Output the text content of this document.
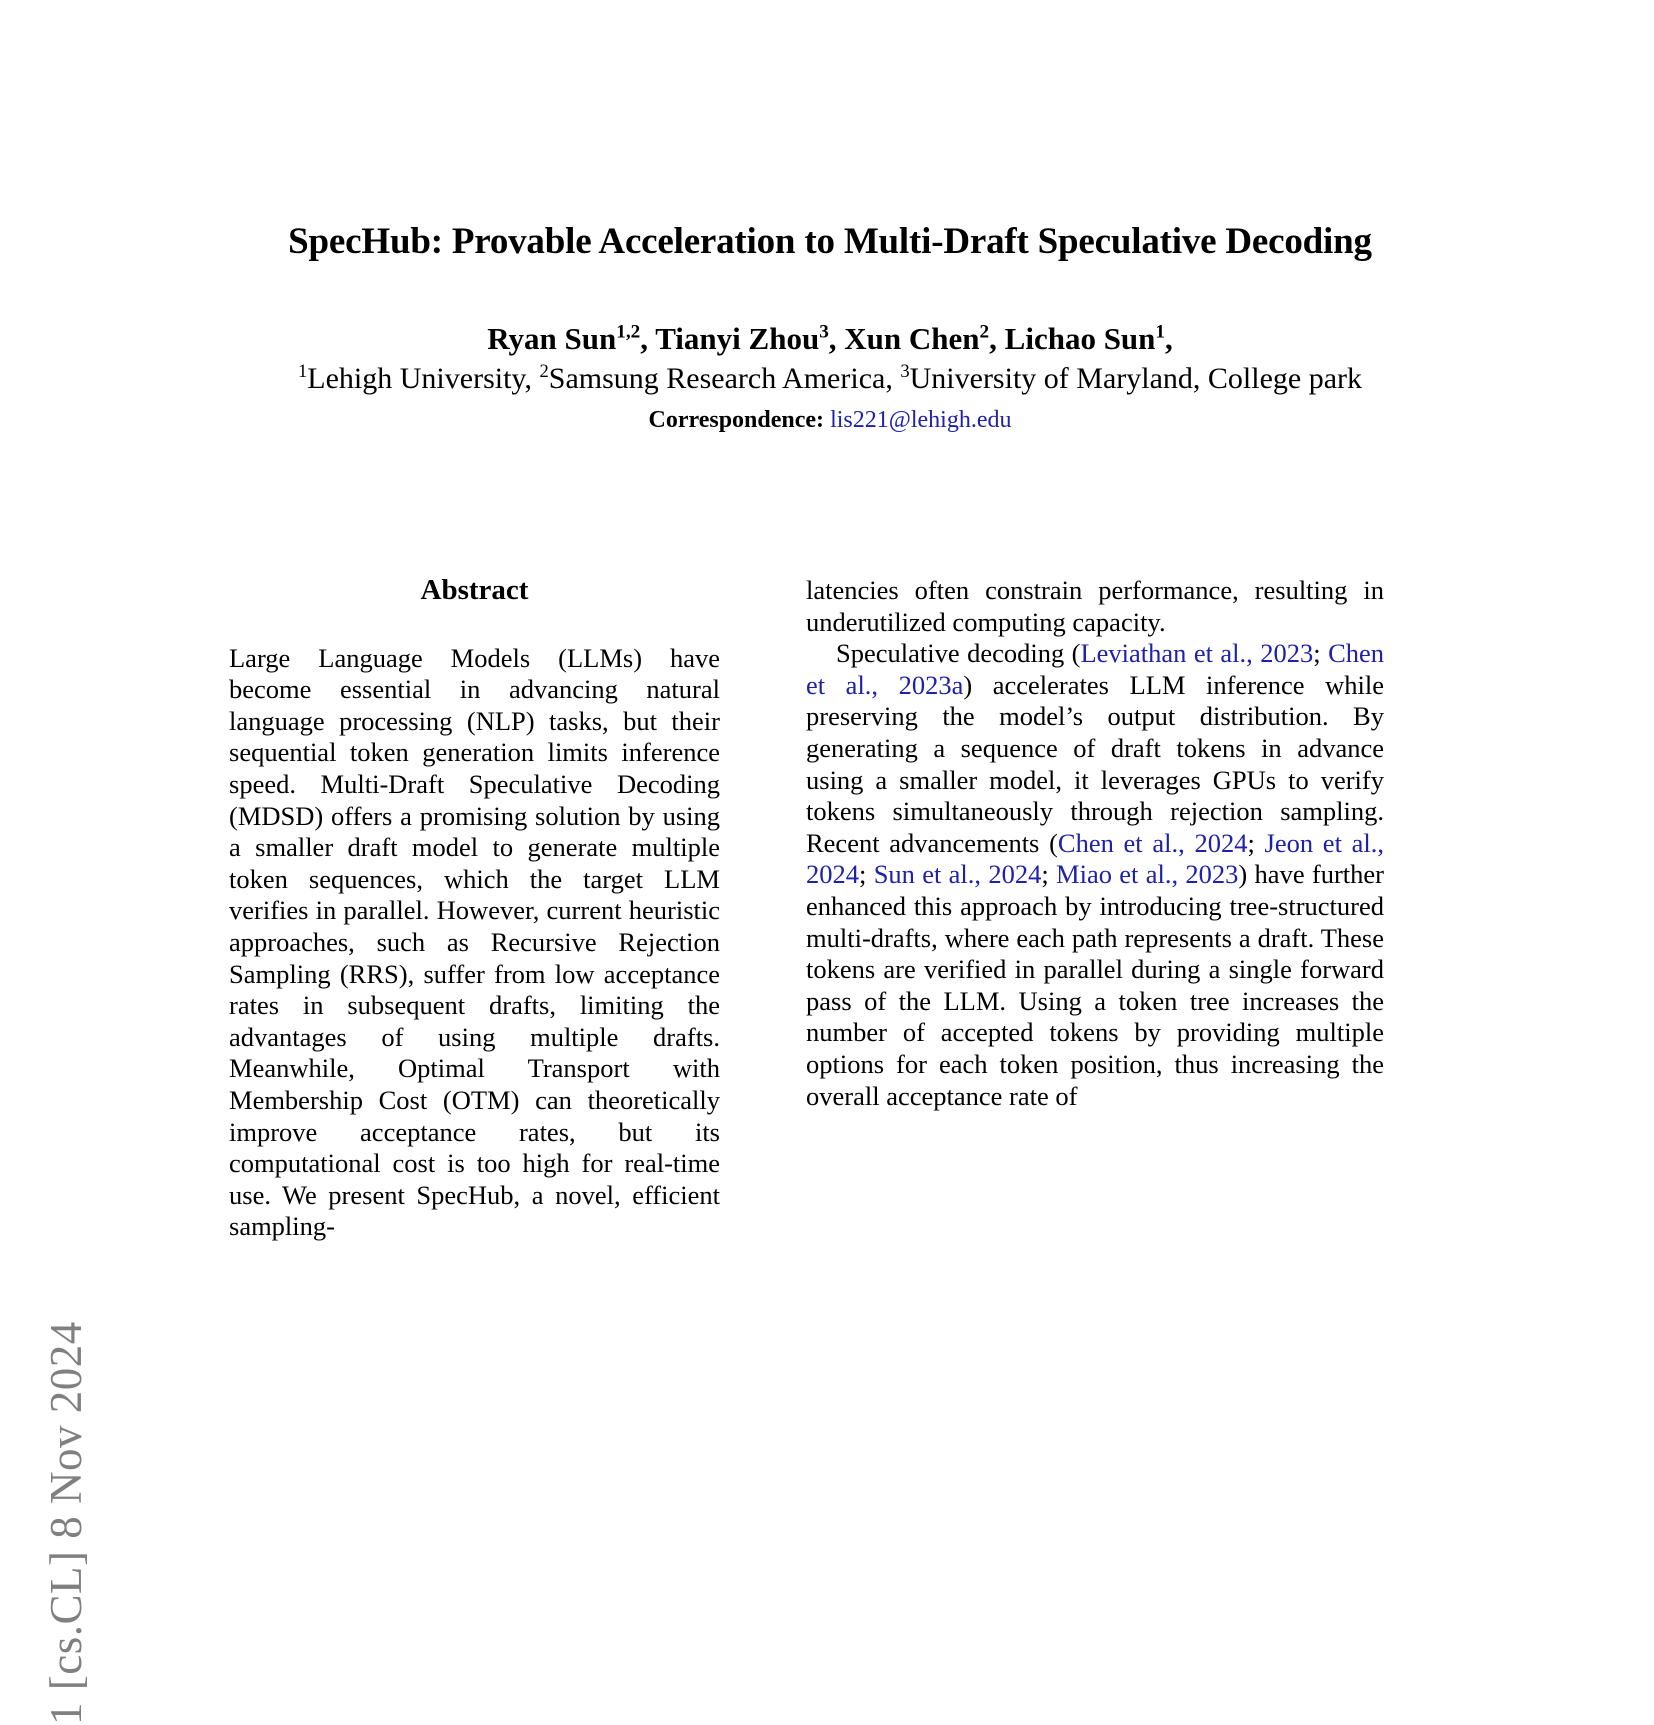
1 [cs.CL] 8 Nov 2024
SpecHub: Provable Acceleration to Multi-Draft Speculative Decoding
Ryan Sun$^{1,2}$, Tianyi Zhou$^3$, Xun Chen$^2$, Lichao Sun$^1$,
$^1$Lehigh University, $^2$Samsung Research America, $^3$University of Maryland, College park
Correspondence: lis221@lehigh.edu
Abstract

Large Language Models (LLMs) have become essential in advancing natural language processing (NLP) tasks, but their sequential token generation limits inference speed. Multi-Draft Speculative Decoding (MDSD) offers a promising solution by using a smaller draft model to generate multiple token sequences, which the target LLM verifies in parallel. However, current heuristic approaches, such as Recursive Rejection Sampling (RRS), suffer from low acceptance rates in subsequent drafts, limiting the advantages of using multiple drafts. Meanwhile, Optimal Transport with Membership Cost (OTM) can theoretically improve acceptance rates, but its computational cost is too high for real-time use. We present SpecHub, a novel, efficient sampling-

latencies often constrain performance, resulting in underutilized computing capacity.

Speculative decoding (Leviathan et al., 2023; Chen et al., 2023a) accelerates LLM inference while preserving the model’s output distribution. By generating a sequence of draft tokens in advance using a smaller model, it leverages GPUs to verify tokens simultaneously through rejection sampling. Recent advancements (Chen et al., 2024; Jeon et al., 2024; Sun et al., 2024; Miao et al., 2023) have further enhanced this approach by introducing tree-structured multi-drafts, where each path represents a draft. These tokens are verified in parallel during a single forward pass of the LLM. Using a token tree increases the number of accepted tokens by providing multiple options for each token position, thus increasing the overall acceptance rate of
